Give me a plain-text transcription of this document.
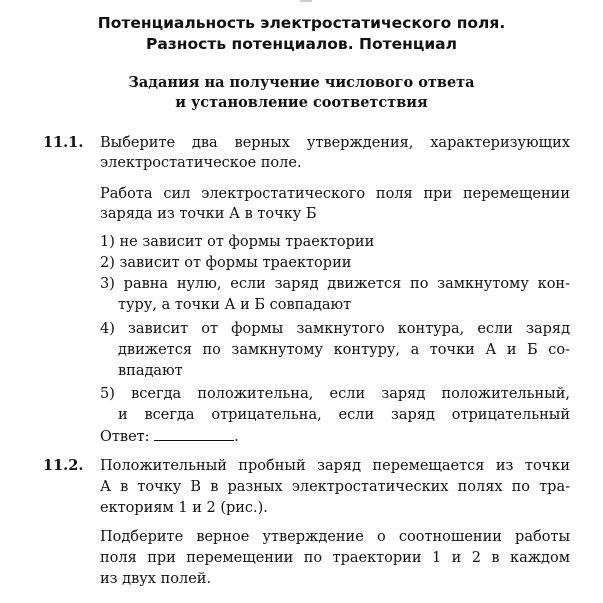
Потенциальность электростатического поля.
Разность потенциалов. Потенциал
Задания на получение числового ответа
и установление соответствия
11.1. Выберите два верных утверждения, характеризующих
электростатическое поле.
Работа сил электростатического поля при перемещении
заряда из точки А в точку Б
1) не зависит от формы траектории
2) зависит от формы траектории
3) равна нулю, если заряд движется по замкнутому кон-
туру, а точки А и Б совпадают
4) зависит от формы замкнутого контура, если заряд
движется по замкнутому контуру, а точки А и Б со-
впадают
5) всегда положительна, если заряд положительный,
и всегда отрицательна, если заряд отрицательный
Ответ:	.
11.2. Положительный пробный заряд перемещается из точки
А в точку В в разных электростатических полях по тра-
екториям 1 и 2 (рис.).
Подберите верное утверждение о соотношении работы
поля при перемещении по траектории 1 и 2 в каждом
из двух полей.
